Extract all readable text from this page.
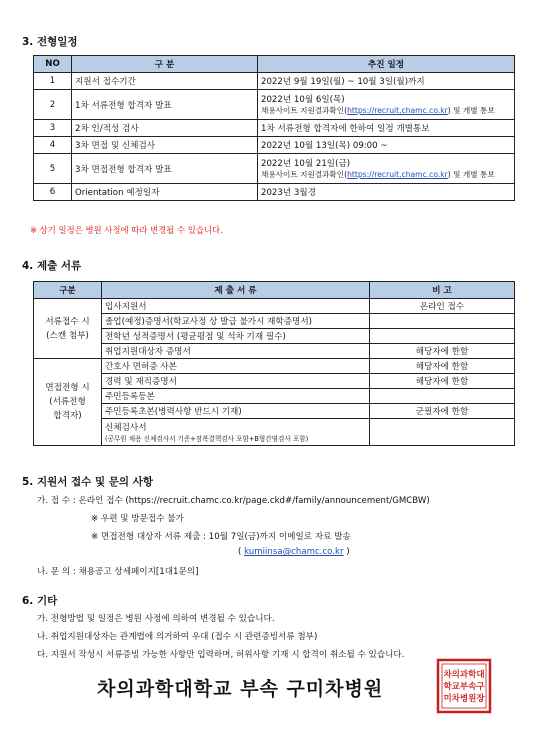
3. 전형일정
NO	구 분	추진 일정
1	지원서 접수기간	2022년 9월 19일(월) ~ 10월 3일(월)까지
2	1차 서류전형 합격자 발표	2022년 10월 6일(목)
채용사이트 지원결과확인(https://recruit.chamc.co.kr) 및 개별 통보

3	2차 인/적성 검사	1차 서류전형 합격자에 한하여 일정 개별통보
4	3차 면접 및 신체검사	2022년 10월 13일(목) 09:00 ~
5	3차 면접전형 합격자 발표	2022년 10월 21일(금)
채용사이트 지원결과확인(https://recruit.chamc.co.kr) 및 개별 통보

6	Orientation 예정일자	2023년 3월경
※ 상기 일정은 병원 사정에 따라 변경될 수 있습니다.
4. 제출 서류
구분	제 출 서 류	비 고

서류접수 시
(스캔 첨부)	입사지원서	온라인 접수
	졸업(예정)증명서(학교사정 상 발급 불가시 재학증명서)	
	전학년 성적증명서 (평균평점 및 석차 기재 필수)	
	취업지원대상자 증명서	해당자에 한함

면접전형 시
(서류전형
합격자)	간호사 면허증 사본	해당자에 한함
	경력 및 재직증명서	해당자에 한함
	주민등록등본	
	주민등록초본(병력사항 반드시 기재)	군필자에 한함

	신체검사서
(공무원 채용 신체검사서 기준+잠복결핵검사 포함+B형간염검사 포함)	

5. 지원서 접수 및 문의 사항
가. 접 수 : 온라인 접수 (https://recruit.chamc.co.kr/page.ckd#/family/announcement/GMCBW)
※ 우편 및 방문접수 불가
※ 면접전형 대상자 서류 제출 : 10월 7일(금)까지 이메일로 자료 발송
( kumiinsa@chamc.co.kr )
나. 문 의 : 채용공고 상세페이지[1대1문의]
6. 기타
가. 전형방법 및 일정은 병원 사정에 의하여 변경될 수 있습니다.
나. 취업지원대상자는 관계법에 의거하여 우대 (접수 시 관련증빙서류 첨부)
다. 지원서 작성시 서류증빙 가능한 사항만 입력하며, 허위사항 기재 시 합격이 취소될 수 있습니다.
차의과학대학교 부속 구미차병원
차의과학대
학교부속구
미차병원장
